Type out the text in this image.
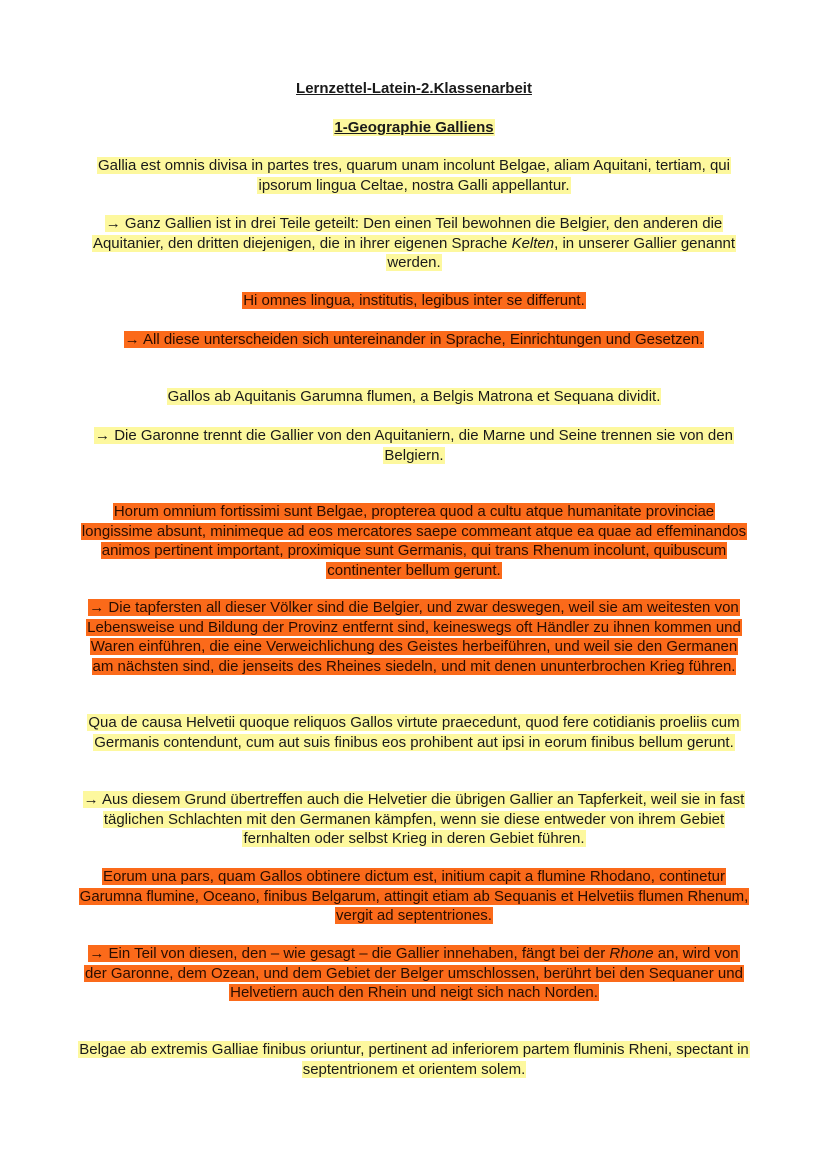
Lernzettel-Latein-2.Klassenarbeit

1-Geographie Galliens

Gallia est omnis divisa in partes tres, quarum unam incolunt Belgae, aliam Aquitani, tertiam, qui ipsorum lingua Celtae, nostra Galli appellantur.

→ Ganz Gallien ist in drei Teile geteilt: Den einen Teil bewohnen die Belgier, den anderen die Aquitanier, den dritten diejenigen, die in ihrer eigenen Sprache Kelten, in unserer Gallier genannt werden.

Hi omnes lingua, institutis, legibus inter se differunt.

→ All diese unterscheiden sich untereinander in Sprache, Einrichtungen und Gesetzen.

Gallos ab Aquitanis Garumna flumen, a Belgis Matrona et Sequana dividit.

→ Die Garonne trennt die Gallier von den Aquitaniern, die Marne und Seine trennen sie von den Belgiern.

Horum omnium fortissimi sunt Belgae, propterea quod a cultu atque humanitate provinciae longissime absunt, minimeque ad eos mercatores saepe commeant atque ea quae ad effeminandos animos pertinent important, proximique sunt Germanis, qui trans Rhenum incolunt, quibuscum continenter bellum gerunt.

→ Die tapfersten all dieser Völker sind die Belgier, und zwar deswegen, weil sie am weitesten von Lebensweise und Bildung der Provinz entfernt sind, keineswegs oft Händler zu ihnen kommen und Waren einführen, die eine Verweichlichung des Geistes herbeiführen, und weil sie den Germanen am nächsten sind, die jenseits des Rheines siedeln, und mit denen ununterbrochen Krieg führen.

Qua de causa Helvetii quoque reliquos Gallos virtute praecedunt, quod fere cotidianis proeliis cum Germanis contendunt, cum aut suis finibus eos prohibent aut ipsi in eorum finibus bellum gerunt.

→ Aus diesem Grund übertreffen auch die Helvetier die übrigen Gallier an Tapferkeit, weil sie in fast täglichen Schlachten mit den Germanen kämpfen, wenn sie diese entweder von ihrem Gebiet fernhalten oder selbst Krieg in deren Gebiet führen.

Eorum una pars, quam Gallos obtinere dictum est, initium capit a flumine Rhodano, continetur Garumna flumine, Oceano, finibus Belgarum, attingit etiam ab Sequanis et Helvetiis flumen Rhenum, vergit ad septentriones.

→ Ein Teil von diesen, den – wie gesagt – die Gallier innehaben, fängt bei der Rhone an, wird von der Garonne, dem Ozean, und dem Gebiet der Belger umschlossen, berührt bei den Sequaner und Helvetiern auch den Rhein und neigt sich nach Norden.

Belgae ab extremis Galliae finibus oriuntur, pertinent ad inferiorem partem fluminis Rheni, spectant in septentrionem et orientem solem.
